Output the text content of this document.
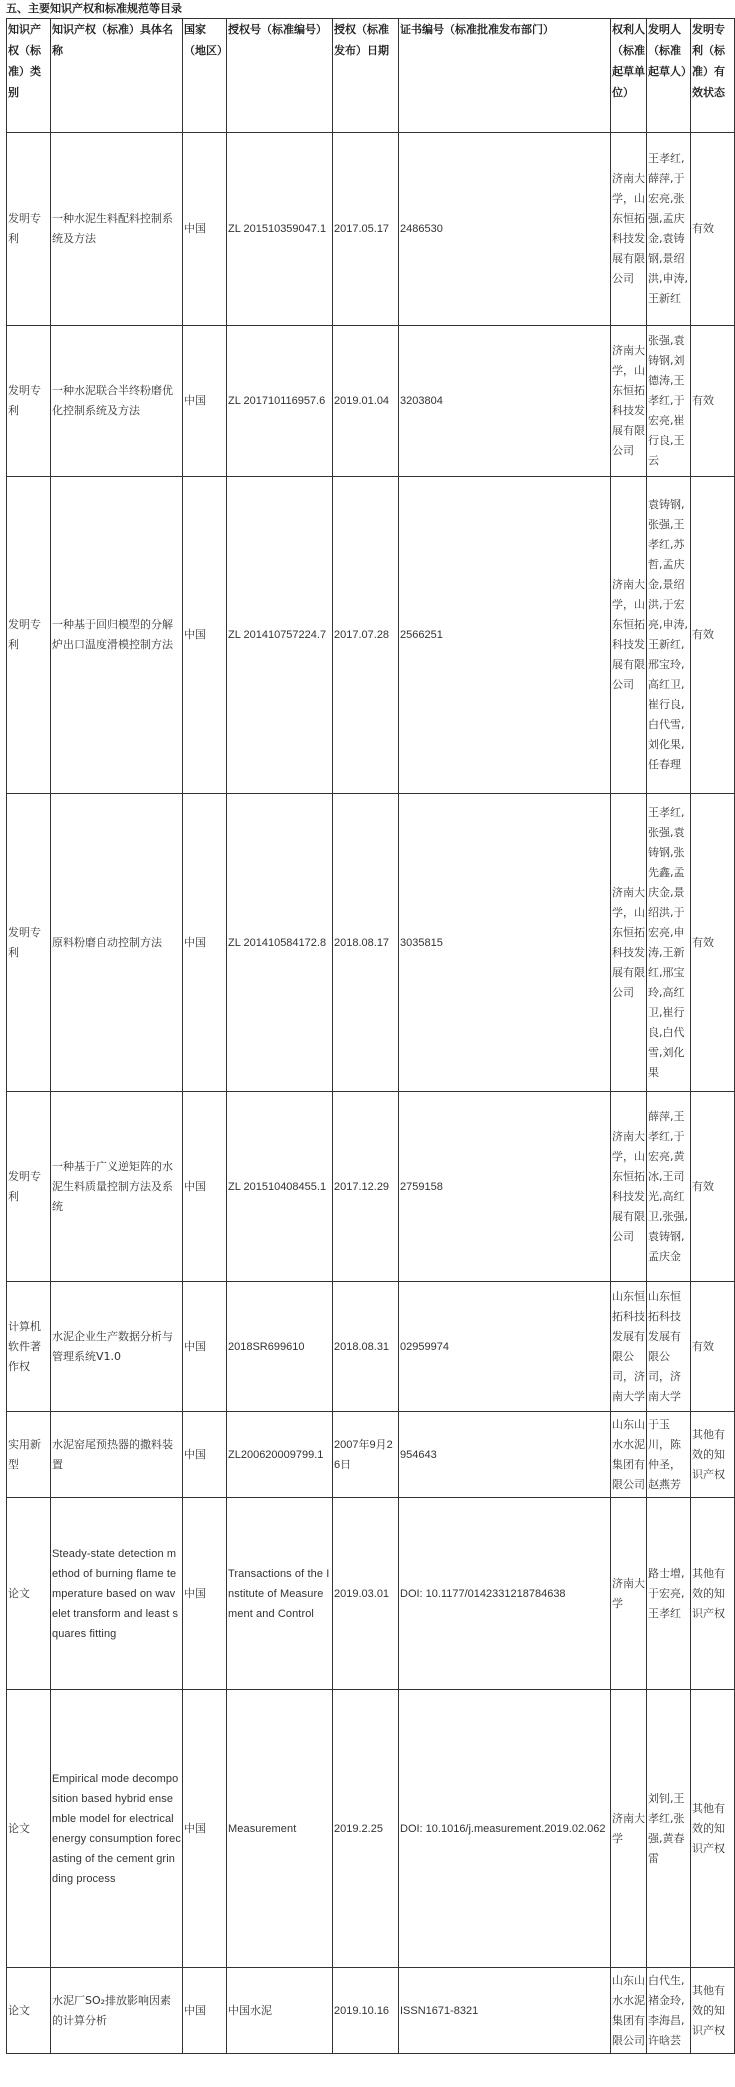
五、主要知识产权和标准规范等目录
知识产权（标准）类别	知识产权（标准）具体名称	国家（地区）	授权号（标准编号）	授权（标准发布）日期	证书编号（标准批准发布部门）	权利人（标准起草单位）	发明人（标准起草人）	发明专利（标准）有效状态
发明专利	一种水泥生料配料控制系统及方法	中国	ZL 201510359047.1	2017.05.17	2486530	济南大学，山东恒拓科技发展有限公司	王孝红,薛萍,于宏亮,张强,孟庆金,袁铸钢,景绍洪,申涛,王新红	有效
发明专利	一种水泥联合半终粉磨优化控制系统及方法	中国	ZL 201710116957.6	2019.01.04	3203804	济南大学，山东恒拓科技发展有限公司	张强,袁铸钢,刘德涛,王孝红,于宏亮,崔行良,王云	有效
发明专利	一种基于回归模型的分解炉出口温度滑模控制方法	中国	ZL 201410757224.7	2017.07.28	2566251	济南大学，山东恒拓科技发展有限公司	袁铸钢,张强,王孝红,苏哲,孟庆金,景绍洪,于宏亮,申涛,王新红,邢宝玲,高红卫,崔行良,白代雪,刘化果,任春理	有效
发明专利	原料粉磨自动控制方法	中国	ZL 201410584172.8	2018.08.17	3035815	济南大学，山东恒拓科技发展有限公司	王孝红,张强,袁铸钢,张先鑫,孟庆金,景绍洪,于宏亮,申涛,王新红,邢宝玲,高红卫,崔行良,白代雪,刘化果	有效
发明专利	一种基于广义逆矩阵的水泥生料质量控制方法及系统	中国	ZL 201510408455.1	2017.12.29	2759158	济南大学，山东恒拓科技发展有限公司	薛萍,王孝红,于宏亮,黄冰,王司光,高红卫,张强,袁铸钢,孟庆金	有效
计算机软件著作权	水泥企业生产数据分析与管理系统V1.0	中国	2018SR699610	2018.08.31	02959974	山东恒拓科技发展有限公司，济南大学	山东恒拓科技发展有限公司，济南大学	有效
实用新型	水泥窑尾预热器的撒料装置	中国	ZL200620009799.1	2007年9月26日	954643	山东山水水泥集团有限公司	于玉川，陈仲圣，赵燕芳	其他有效的知识产权
论文	Steady-state detection method of burning flame temperature based on wavelet transform and least squares fitting	中国	Transactions of the Institute of Measurement and Control	2019.03.01	DOI: 10.1177/0142331218784638	济南大学	路士增,于宏亮,王孝红	其他有效的知识产权
论文	Empirical mode decomposition based hybrid ensemble model for electrical energy consumption forecasting of the cement grinding process	中国	Measurement	2019.2.25	DOI: 10.1016/j.measurement.2019.02.062	济南大学	刘钊,王孝红,张强,黄春雷	其他有效的知识产权
论文	水泥厂SO₂排放影响因素的计算分析	中国	中国水泥	2019.10.16	ISSN1671-8321	山东山水水泥集团有限公司	白代生,褚金玲,李海昌,许晗芸	其他有效的知识产权
